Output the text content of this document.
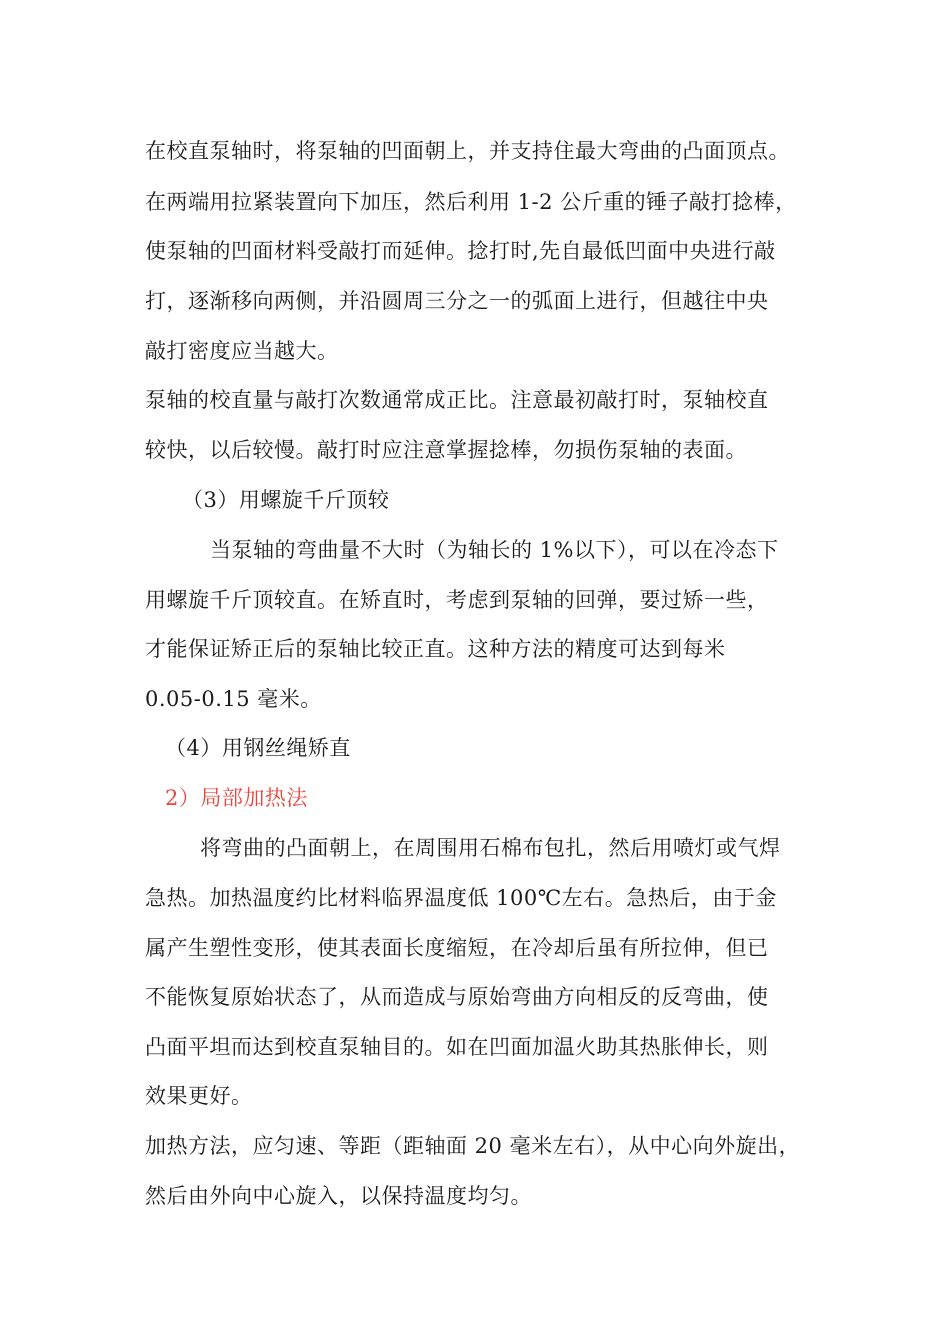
在校直泵轴时，将泵轴的凹面朝上，并支持住最大弯曲的凸面顶点。
在两端用拉紧装置向下加压，然后利用 1-2 公斤重的锤子敲打捻棒，
使泵轴的凹面材料受敲打而延伸。捻打时,先自最低凹面中央进行敲
打，逐渐移向两侧，并沿圆周三分之一的弧面上进行，但越往中央
敲打密度应当越大。
泵轴的校直量与敲打次数通常成正比。注意最初敲打时，泵轴校直
较快，以后较慢。敲打时应注意掌握捻棒，勿损伤泵轴的表面。
（3）用螺旋千斤顶较
当泵轴的弯曲量不大时（为轴长的 1%以下），可以在冷态下
用螺旋千斤顶较直。在矫直时，考虑到泵轴的回弹，要过矫一些，
才能保证矫正后的泵轴比较正直。这种方法的精度可达到每米
0.05-0.15 毫米。
（4）用钢丝绳矫直
2）局部加热法
将弯曲的凸面朝上，在周围用石棉布包扎，然后用喷灯或气焊
急热。加热温度约比材料临界温度低 100℃左右。急热后，由于金
属产生塑性变形，使其表面长度缩短，在冷却后虽有所拉伸，但已
不能恢复原始状态了，从而造成与原始弯曲方向相反的反弯曲，使
凸面平坦而达到校直泵轴目的。如在凹面加温火助其热胀伸长，则
效果更好。
加热方法，应匀速、等距（距轴面 20 毫米左右），从中心向外旋出，
然后由外向中心旋入，以保持温度均匀。
